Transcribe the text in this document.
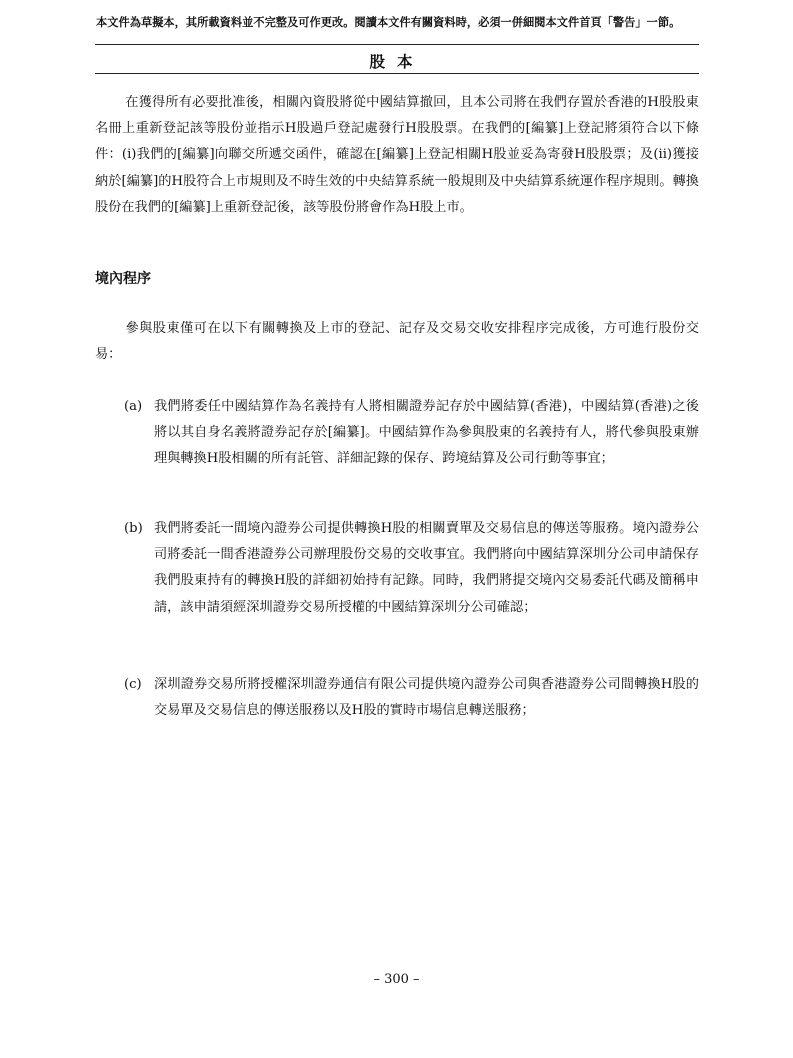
本文件為草擬本，其所載資料並不完整及可作更改。閱讀本文件有關資料時，必須一併細閱本文件首頁「警告」一節。
股本
在獲得所有必要批准後，相關內資股將從中國結算撤回，且本公司將在我們存置於香港的H股股東名冊上重新登記該等股份並指示H股過戶登記處發行H股股票。在我們的[編纂]上登記將須符合以下條件：(i)我們的[編纂]向聯交所遞交函件，確認在[編纂]上登記相關H股並妥為寄發H股股票；及(ii)獲接納於[編纂]的H股符合上市規則及不時生效的中央結算系統一般規則及中央結算系統運作程序規則。轉換股份在我們的[編纂]上重新登記後，該等股份將會作為H股上市。
境內程序
參與股東僅可在以下有關轉換及上市的登記、記存及交易交收安排程序完成後，方可進行股份交易：
(a) 我們將委任中國結算作為名義持有人將相關證券記存於中國結算(香港)，中國結算(香港)之後將以其自身名義將證券記存於[編纂]。中國結算作為參與股東的名義持有人，將代參與股東辦理與轉換H股相關的所有託管、詳細記錄的保存、跨境結算及公司行動等事宜；
(b) 我們將委託一間境內證券公司提供轉換H股的相關賣單及交易信息的傳送等服務。境內證券公司將委託一間香港證券公司辦理股份交易的交收事宜。我們將向中國結算深圳分公司申請保存我們股東持有的轉換H股的詳細初始持有記錄。同時，我們將提交境內交易委託代碼及簡稱申請，該申請須經深圳證券交易所授權的中國結算深圳分公司確認；
(c) 深圳證券交易所將授權深圳證券通信有限公司提供境內證券公司與香港證券公司間轉換H股的交易單及交易信息的傳送服務以及H股的實時市場信息轉送服務；
– 300 –
